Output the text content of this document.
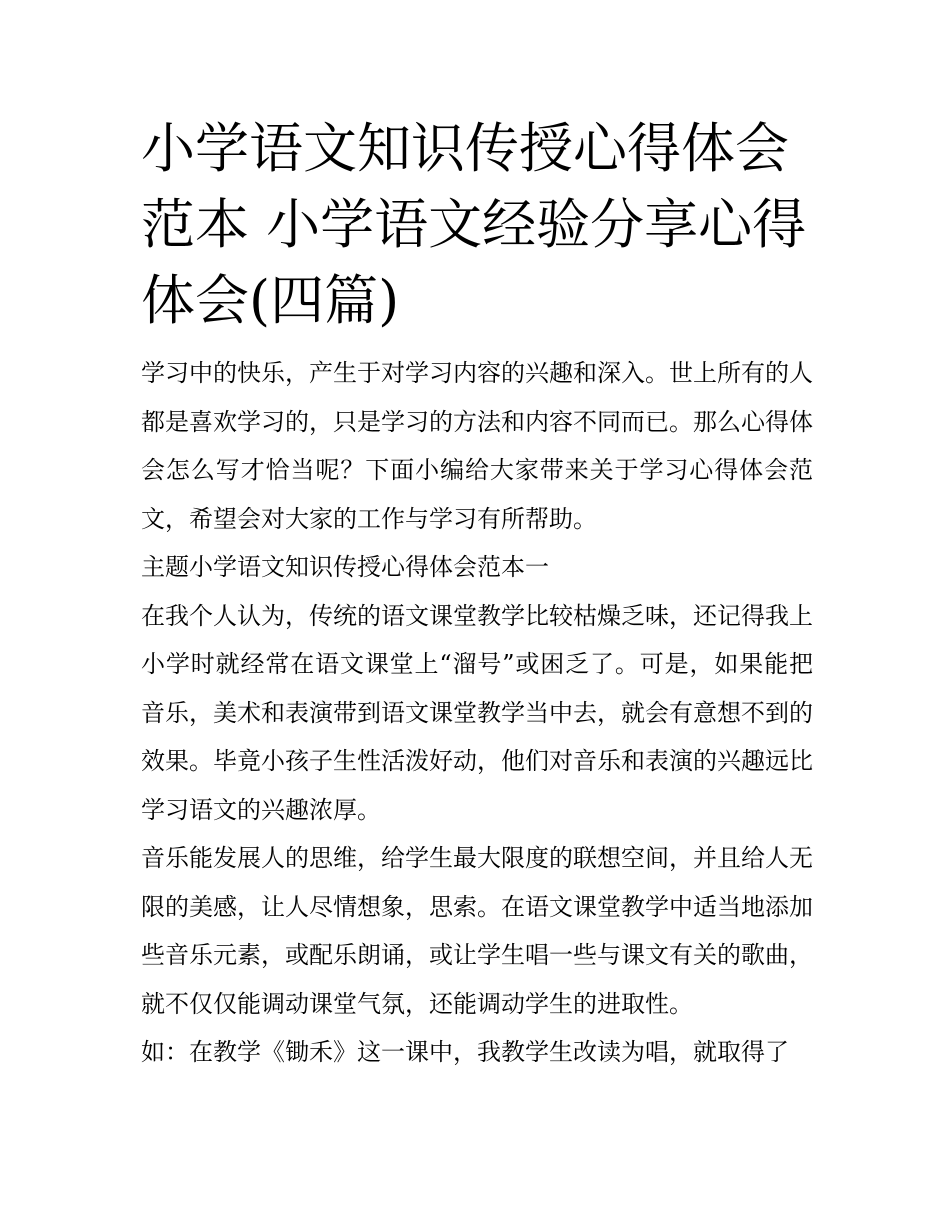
小学语文知识传授心得体会范本 小学语文经验分享心得体会(四篇)

学习中的快乐，产生于对学习内容的兴趣和深入。世上所有的人都是喜欢学习的，只是学习的方法和内容不同而已。那么心得体会怎么写才恰当呢？下面小编给大家带来关于学习心得体会范文，希望会对大家的工作与学习有所帮助。

主题小学语文知识传授心得体会范本一

在我个人认为，传统的语文课堂教学比较枯燥乏味，还记得我上小学时就经常在语文课堂上“溜号”或困乏了。可是，如果能把音乐，美术和表演带到语文课堂教学当中去，就会有意想不到的效果。毕竟小孩子生性活泼好动，他们对音乐和表演的兴趣远比学习语文的兴趣浓厚。

音乐能发展人的思维，给学生最大限度的联想空间，并且给人无限的美感，让人尽情想象，思索。在语文课堂教学中适当地添加些音乐元素，或配乐朗诵，或让学生唱一些与课文有关的歌曲，就不仅仅能调动课堂气氛，还能调动学生的进取性。

如：在教学《锄禾》这一课中，我教学生改读为唱，就取得了
